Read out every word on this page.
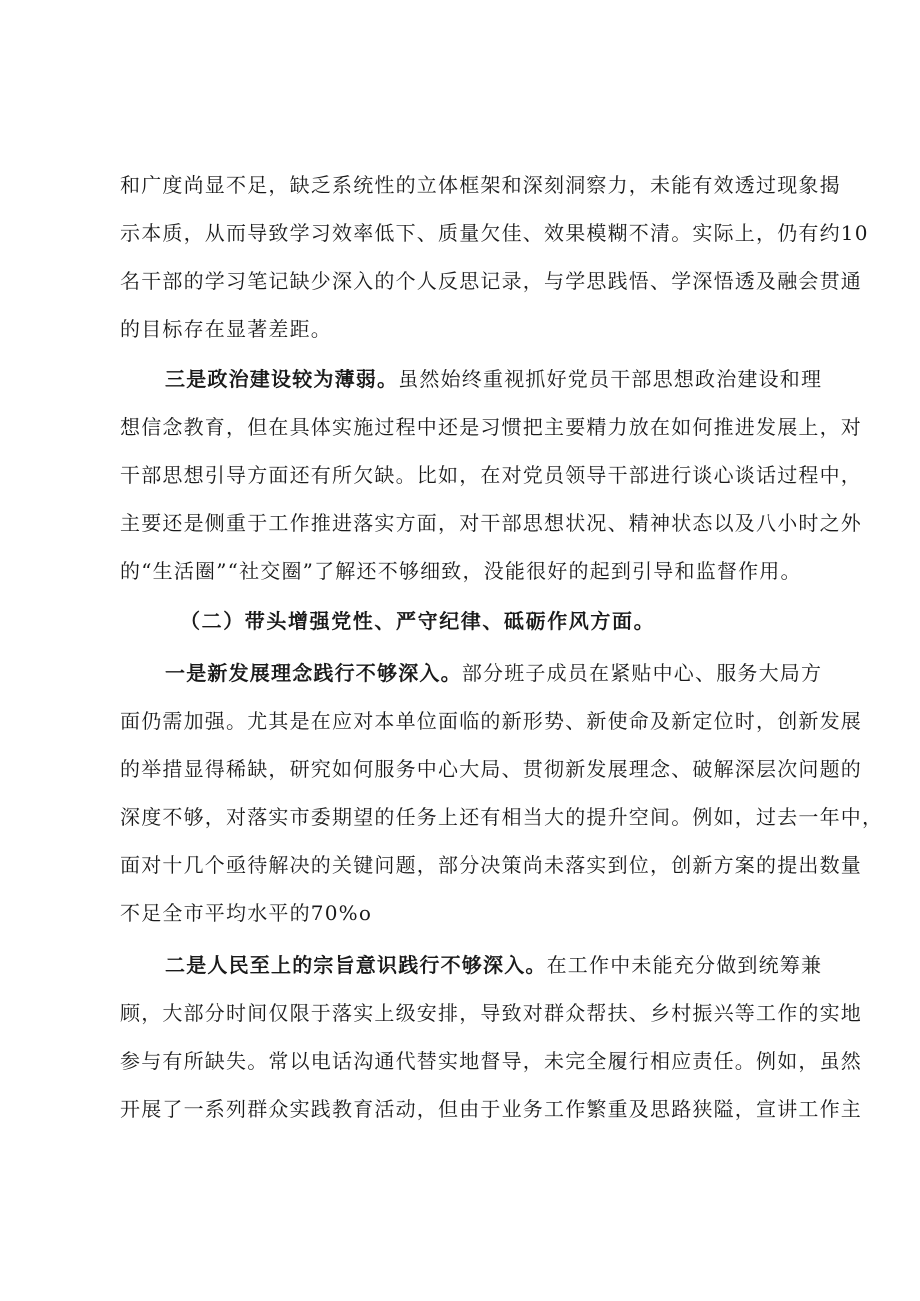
和广度尚显不足，缺乏系统性的立体框架和深刻洞察力，未能有效透过现象揭
示本质，从而导致学习效率低下、质量欠佳、效果模糊不清。实际上，仍有约10
名干部的学习笔记缺少深入的个人反思记录，与学思践悟、学深悟透及融会贯通
的目标存在显著差距。
三是政治建设较为薄弱。虽然始终重视抓好党员干部思想政治建设和理
想信念教育，但在具体实施过程中还是习惯把主要精力放在如何推进发展上，对
干部思想引导方面还有所欠缺。比如，在对党员领导干部进行谈心谈话过程中，
主要还是侧重于工作推进落实方面，对干部思想状况、精神状态以及八小时之外
的“生活圈”“社交圈”了解还不够细致，没能很好的起到引导和监督作用。
（二）带头增强党性、严守纪律、砥砺作风方面。
一是新发展理念践行不够深入。部分班子成员在紧贴中心、服务大局方
面仍需加强。尤其是在应对本单位面临的新形势、新使命及新定位时，创新发展
的举措显得稀缺，研究如何服务中心大局、贯彻新发展理念、破解深层次问题的
深度不够，对落实市委期望的任务上还有相当大的提升空间。例如，过去一年中，
面对十几个亟待解决的关键问题，部分决策尚未落实到位，创新方案的提出数量
不足全市平均水平的70%o
二是人民至上的宗旨意识践行不够深入。在工作中未能充分做到统筹兼
顾，大部分时间仅限于落实上级安排，导致对群众帮扶、乡村振兴等工作的实地
参与有所缺失。常以电话沟通代替实地督导，未完全履行相应责任。例如，虽然
开展了一系列群众实践教育活动，但由于业务工作繁重及思路狭隘，宣讲工作主
